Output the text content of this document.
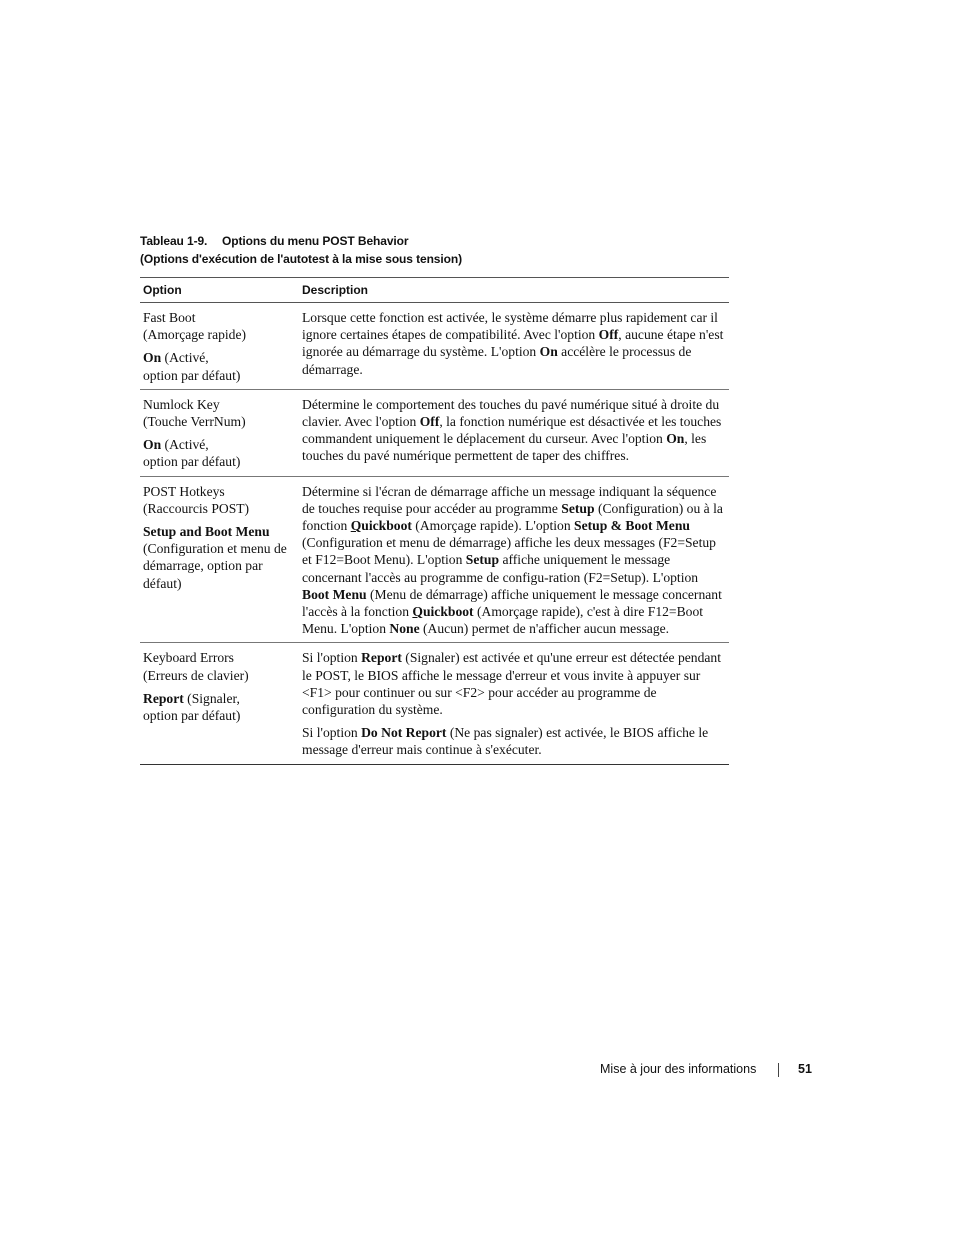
Tableau 1-9. Options du menu POST Behavior
(Options d'exécution de l'autotest à la mise sous tension)
Option	Description

Fast Boot
(Amorçage rapide)

On (Activé,
option par défaut)

Lorsque cette fonction est activée, le système démarre plus rapidement car il ignore certaines étapes de compatibilité. Avec l'option Off, aucune étape n'est ignorée au démarrage du système. L'option On accélère le processus de démarrage.

Numlock Key
(Touche VerrNum)

On (Activé,
option par défaut)

Détermine le comportement des touches du pavé numérique situé à droite du clavier. Avec l'option Off, la fonction numérique est désactivée et les touches commandent uniquement le déplacement du curseur. Avec l'option On, les touches du pavé numérique permettent de taper des chiffres.

POST Hotkeys
(Raccourcis POST)

Setup and Boot Menu
(Configuration et menu de démarrage, option par défaut)

Détermine si l'écran de démarrage affiche un message indiquant la séquence de touches requise pour accéder au programme Setup (Configuration) ou à la fonction Quickboot (Amorçage rapide). L'option Setup & Boot Menu (Configuration et menu de démarrage) affiche les deux messages (F2=Setup et F12=Boot Menu). L'option Setup affiche uniquement le message concernant l'accès au programme de configu-ration (F2=Setup). L'option Boot Menu (Menu de démarrage) affiche uniquement le message concernant l'accès à la fonction Quickboot (Amorçage rapide), c'est à dire F12=Boot Menu. L'option None (Aucun) permet de n'afficher aucun message.

Keyboard Errors
(Erreurs de clavier)

Report (Signaler,
option par défaut)

Si l'option Report (Signaler) est activée et qu'une erreur est détectée pendant le POST, le BIOS affiche le message d'erreur et vous invite à appuyer sur <F1> pour continuer ou sur <F2> pour accéder au programme de configuration du système.

Si l'option Do Not Report (Ne pas signaler) est activée, le BIOS affiche le message d'erreur mais continue à s'exécuter.

Mise à jour des informations	51
